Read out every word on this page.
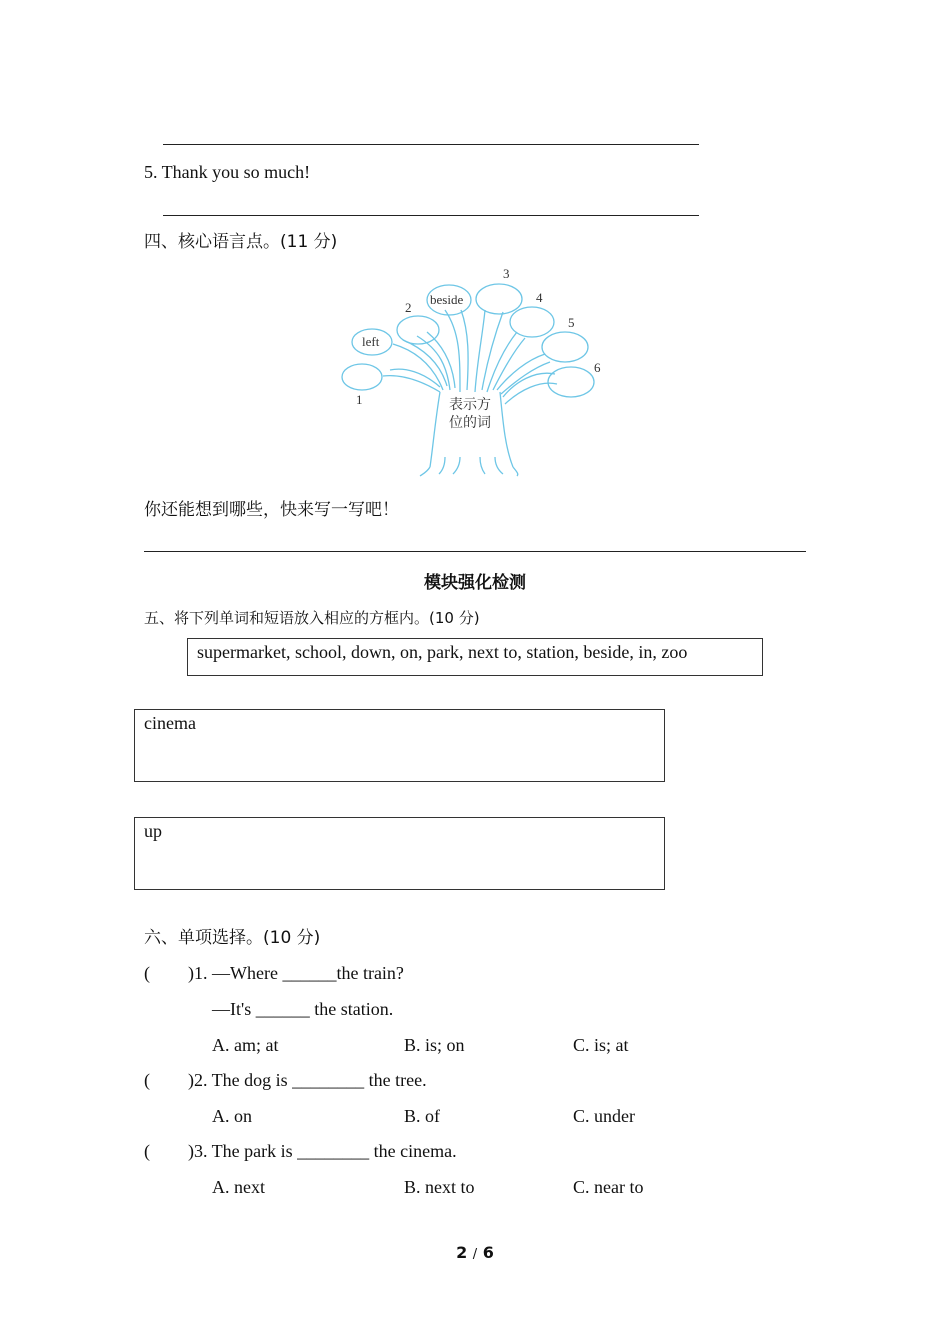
5. Thank you so much!
四、核心语言点。(11 分)
left
beside
1
2
3
4
5
6
表示方
位的词
你还能想到哪些，快来写一写吧！
模块强化检测
五、将下列单词和短语放入相应的方框内。(10 分)
supermarket, school, down, on, park, next to, station, beside, in, zoo
cinema
up
六、单项选择。(10 分)
( )1. —Where ______the train?
—It's ______ the station.
A. am; at	B. is; on	C. is; at
( )2. The dog is ________ the tree.
A. on	B. of	C. under
( )3. The park is ________ the cinema.
A. next	B. next to	C. near to
2 / 6
